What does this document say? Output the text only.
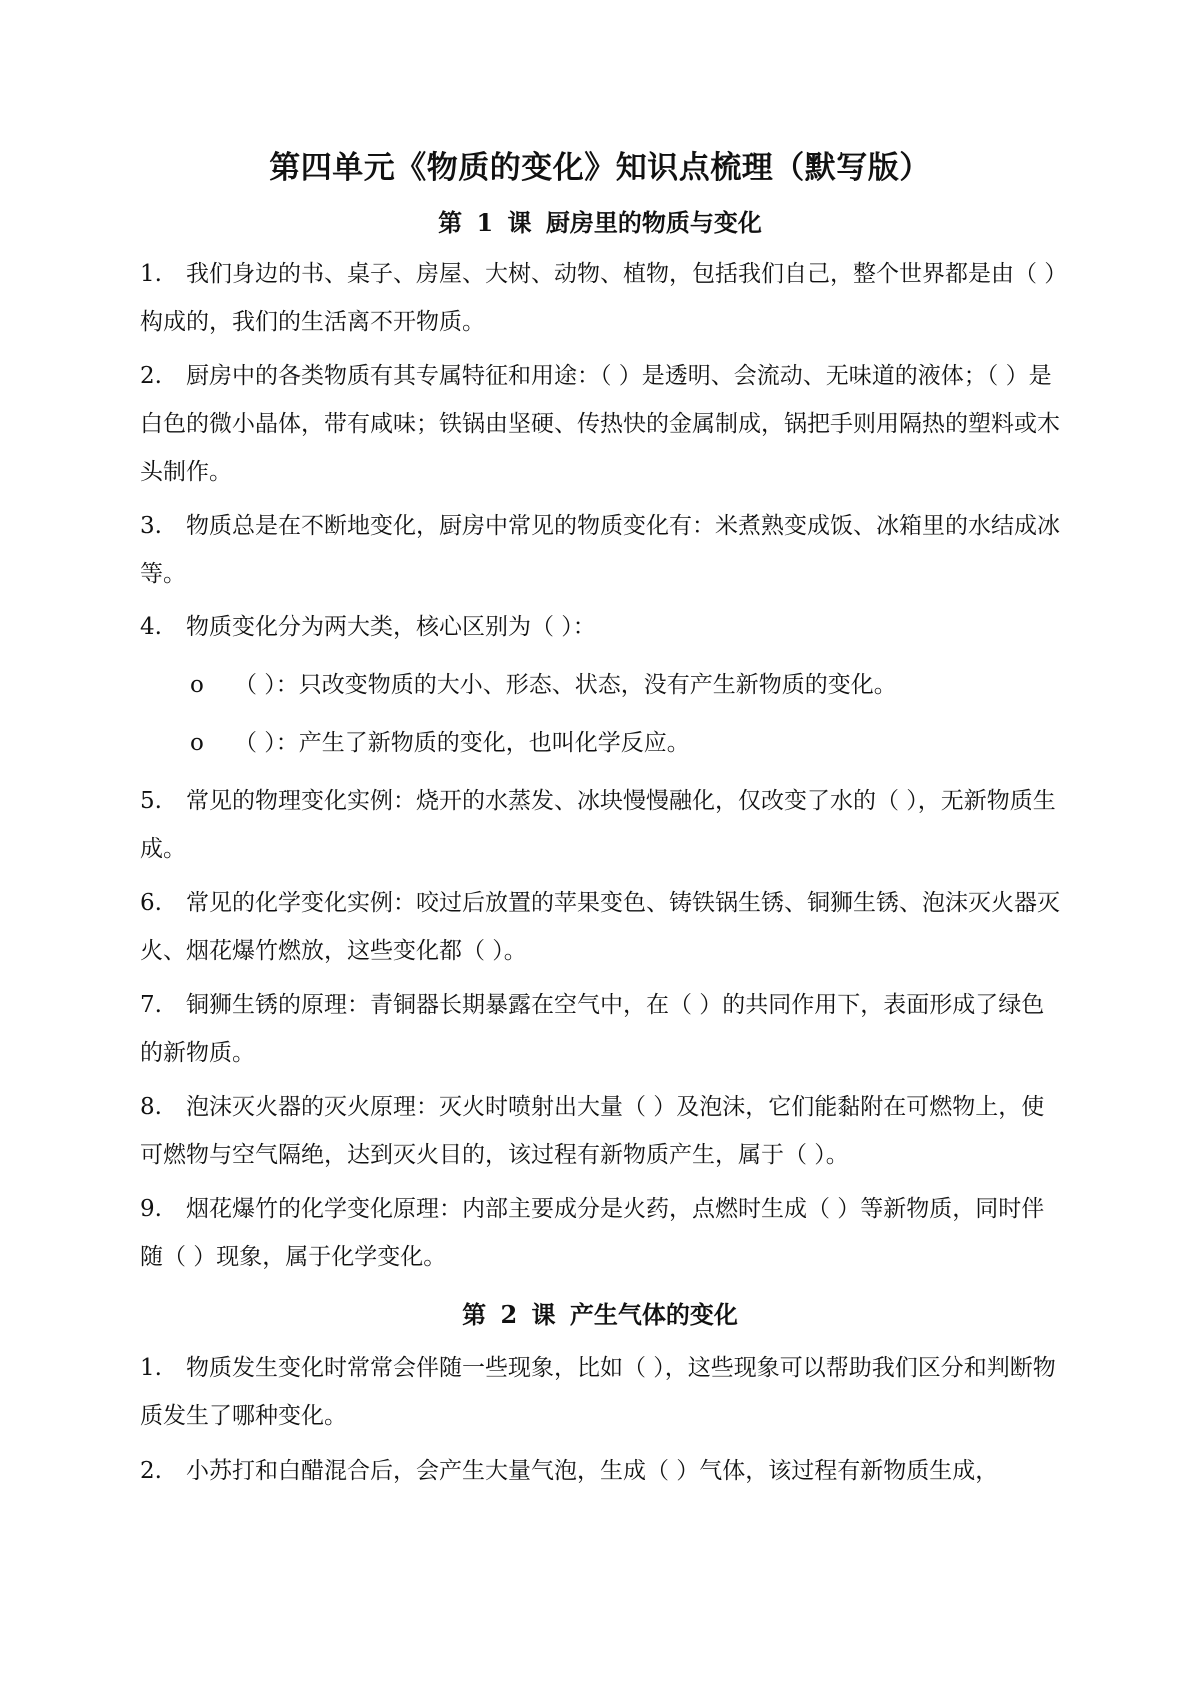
第四单元《物质的变化》知识点梳理（默写版）
第 1 课 厨房里的物质与变化
1. 我们身边的书、桌子、房屋、大树、动物、植物，包括我们自己，整个世界都是由（ ）构成的，我们的生活离不开物质。
2. 厨房中的各类物质有其专属特征和用途：（ ）是透明、会流动、无味道的液体；（ ）是白色的微小晶体，带有咸味；铁锅由坚硬、传热快的金属制成，锅把手则用隔热的塑料或木头制作。
3. 物质总是在不断地变化，厨房中常见的物质变化有：米煮熟变成饭、冰箱里的水结成冰等。
4. 物质变化分为两大类，核心区别为（ ）：
o （ ）：只改变物质的大小、形态、状态，没有产生新物质的变化。
o （ ）：产生了新物质的变化，也叫化学反应。
5. 常见的物理变化实例：烧开的水蒸发、冰块慢慢融化，仅改变了水的（ ），无新物质生成。
6. 常见的化学变化实例：咬过后放置的苹果变色、铸铁锅生锈、铜狮生锈、泡沫灭火器灭火、烟花爆竹燃放，这些变化都（ ）。
7. 铜狮生锈的原理：青铜器长期暴露在空气中，在（ ）的共同作用下，表面形成了绿色的新物质。
8. 泡沫灭火器的灭火原理：灭火时喷射出大量（ ）及泡沫，它们能黏附在可燃物上，使可燃物与空气隔绝，达到灭火目的，该过程有新物质产生，属于（ ）。
9. 烟花爆竹的化学变化原理：内部主要成分是火药，点燃时生成（ ）等新物质，同时伴随（ ）现象，属于化学变化。
第 2 课 产生气体的变化
1. 物质发生变化时常常会伴随一些现象，比如（ ），这些现象可以帮助我们区分和判断物质发生了哪种变化。
2. 小苏打和白醋混合后，会产生大量气泡，生成（ ）气体，该过程有新物质生成，
